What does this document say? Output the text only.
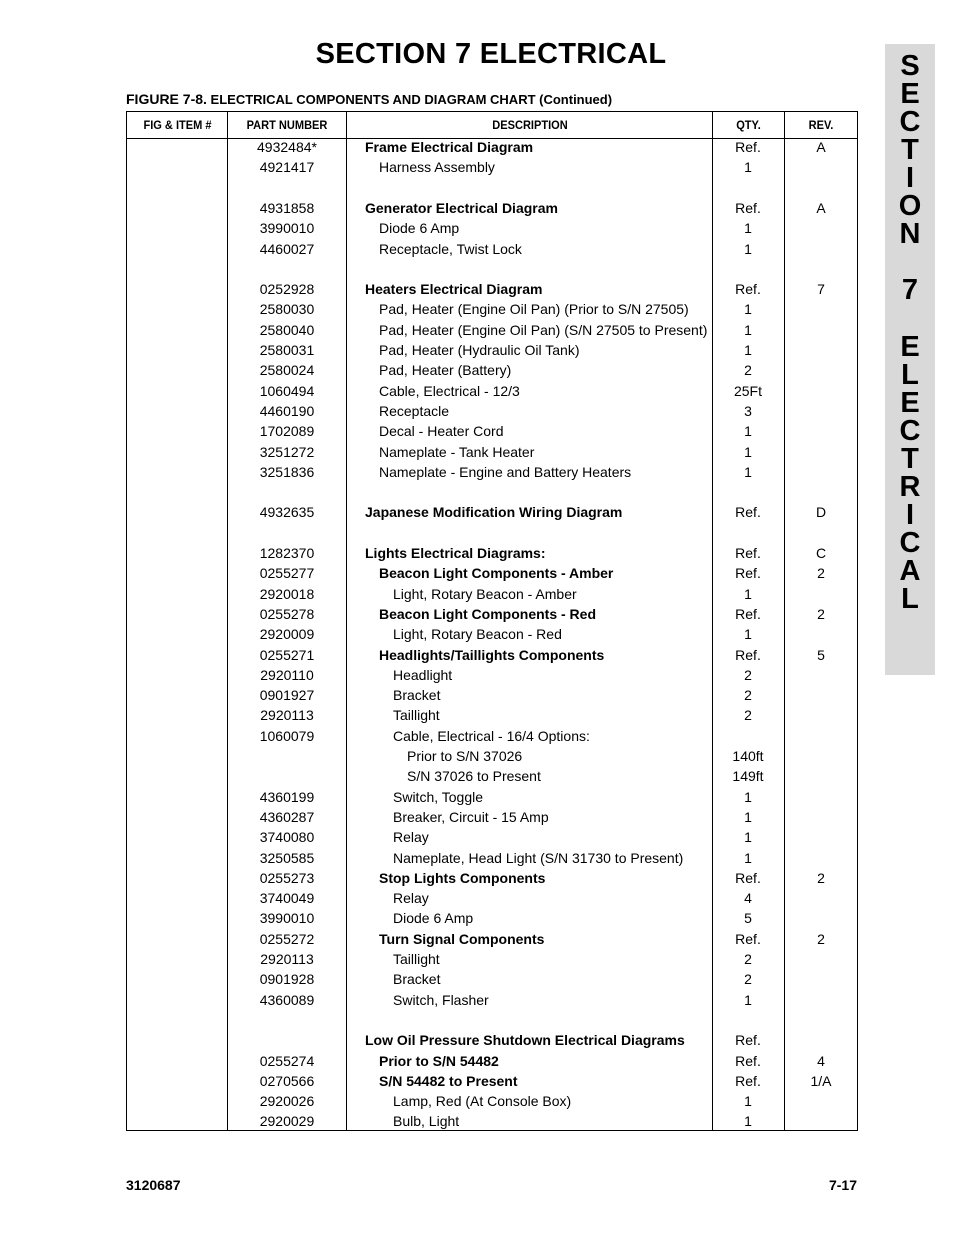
SECTION 7 ELECTRICAL	S
E
C
T
I
O
N
7
E
L
E
C
T
R
I
C
A
L
FIGURE 7-8. ELECTRICAL COMPONENTS AND DIAGRAM CHART (Continued)
FIG & ITEM #	PART NUMBER	DESCRIPTION	QTY.	REV.
4932484*	Frame Electrical Diagram	Ref.	A
4921417	Harness Assembly	1
4931858	Generator Electrical Diagram	Ref.	A
3990010	Diode 6 Amp	1
4460027	Receptacle, Twist Lock	1
0252928	Heaters Electrical Diagram	Ref.	7
2580030	Pad, Heater (Engine Oil Pan) (Prior to S/N 27505)	1
2580040	Pad, Heater (Engine Oil Pan) (S/N 27505 to Present)	1
2580031	Pad, Heater (Hydraulic Oil Tank)	1
2580024	Pad, Heater (Battery)	2
1060494	Cable, Electrical - 12/3	25Ft
4460190	Receptacle	3
1702089	Decal - Heater Cord	1
3251272	Nameplate - Tank Heater	1
3251836	Nameplate - Engine and Battery Heaters	1
4932635	Japanese Modification Wiring Diagram	Ref.	D
1282370	Lights Electrical Diagrams:	Ref.	C
0255277	Beacon Light Components - Amber	Ref.	2
2920018	Light, Rotary Beacon - Amber	1
0255278	Beacon Light Components - Red	Ref.	2
2920009	Light, Rotary Beacon - Red	1
0255271	Headlights/Taillights Components	Ref.	5
2920110	Headlight	2
0901927	Bracket	2
2920113	Taillight	2
1060079	Cable, Electrical - 16/4 Options:
Prior to S/N 37026	140ft
S/N 37026 to Present	149ft
4360199	Switch, Toggle	1
4360287	Breaker, Circuit - 15 Amp	1
3740080	Relay	1
3250585	Nameplate, Head Light (S/N 31730 to Present)	1
0255273	Stop Lights Components	Ref.	2
3740049	Relay	4
3990010	Diode 6 Amp	5
0255272	Turn Signal Components	Ref.	2
2920113	Taillight	2
0901928	Bracket	2
4360089	Switch, Flasher	1
Low Oil Pressure Shutdown Electrical Diagrams	Ref.
0255274	Prior to S/N 54482	Ref.	4
0270566	S/N 54482 to Present	Ref.	1/A
2920026	Lamp, Red (At Console Box)	1
2920029	Bulb, Light	1
3120687	7-17
